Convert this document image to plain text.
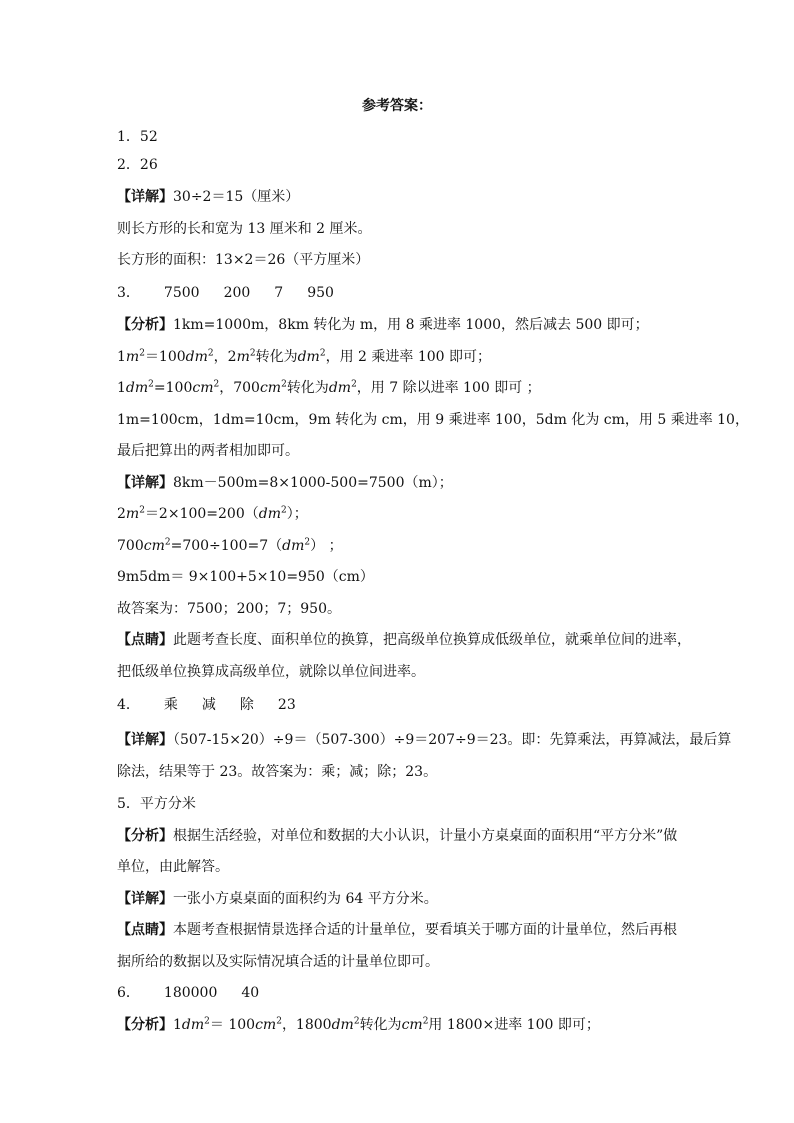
参考答案：
1．52
2．26
【详解】30÷2＝15（厘米）
则长方形的长和宽为 13 厘米和 2 厘米。
长方形的面积：13×2＝26（平方厘米）
3． 7500 200 7 950
【分析】1km=1000m，8km 转化为 m，用 8 乘进率 1000，然后减去 500 即可；
$1m^2=100dm^2$，$2m^2$转化为$dm^2$，用 2 乘进率 100 即可；
$1dm^2=100cm^2$，$700cm^2$转化为$dm^2$，用 7 除以进率 100 即可 ；
1m=100cm，1dm=10cm，9m 转化为 cm，用 9 乘进率 100，5dm 化为 cm，用 5 乘进率 10，
最后把算出的两者相加即可。
【详解】8km－500m=8×1000-500=7500（m）；
$2m^2=2\times 100=200(dm^2)$；
$700cm^2=700\div 100=7(dm^2)$ ；
9m5dm＝ 9×100+5×10=950（cm）
故答案为：7500；200；7；950。
【点睛】此题考查长度、面积单位的换算，把高级单位换算成低级单位，就乘单位间的进率，
把低级单位换算成高级单位，就除以单位间进率。
4． 乘 减 除 23
【详解】（507-15×20）÷9＝（507-300）÷9＝207÷9＝23。即：先算乘法，再算减法，最后算
除法，结果等于 23。故答案为：乘；减；除；23。
5．平方分米
【分析】根据生活经验，对单位和数据的大小认识，计量小方桌桌面的面积用“平方分米”做
单位，由此解答。
【详解】一张小方桌桌面的面积约为 64 平方分米。
【点睛】本题考查根据情景选择合适的计量单位，要看填关于哪方面的计量单位，然后再根
据所给的数据以及实际情况填合适的计量单位即可。
6． 180000 40
【分析】$1dm^2= 100cm^2$，$1800dm^2$转化为$cm^2$用 1800×进率 100 即可；
